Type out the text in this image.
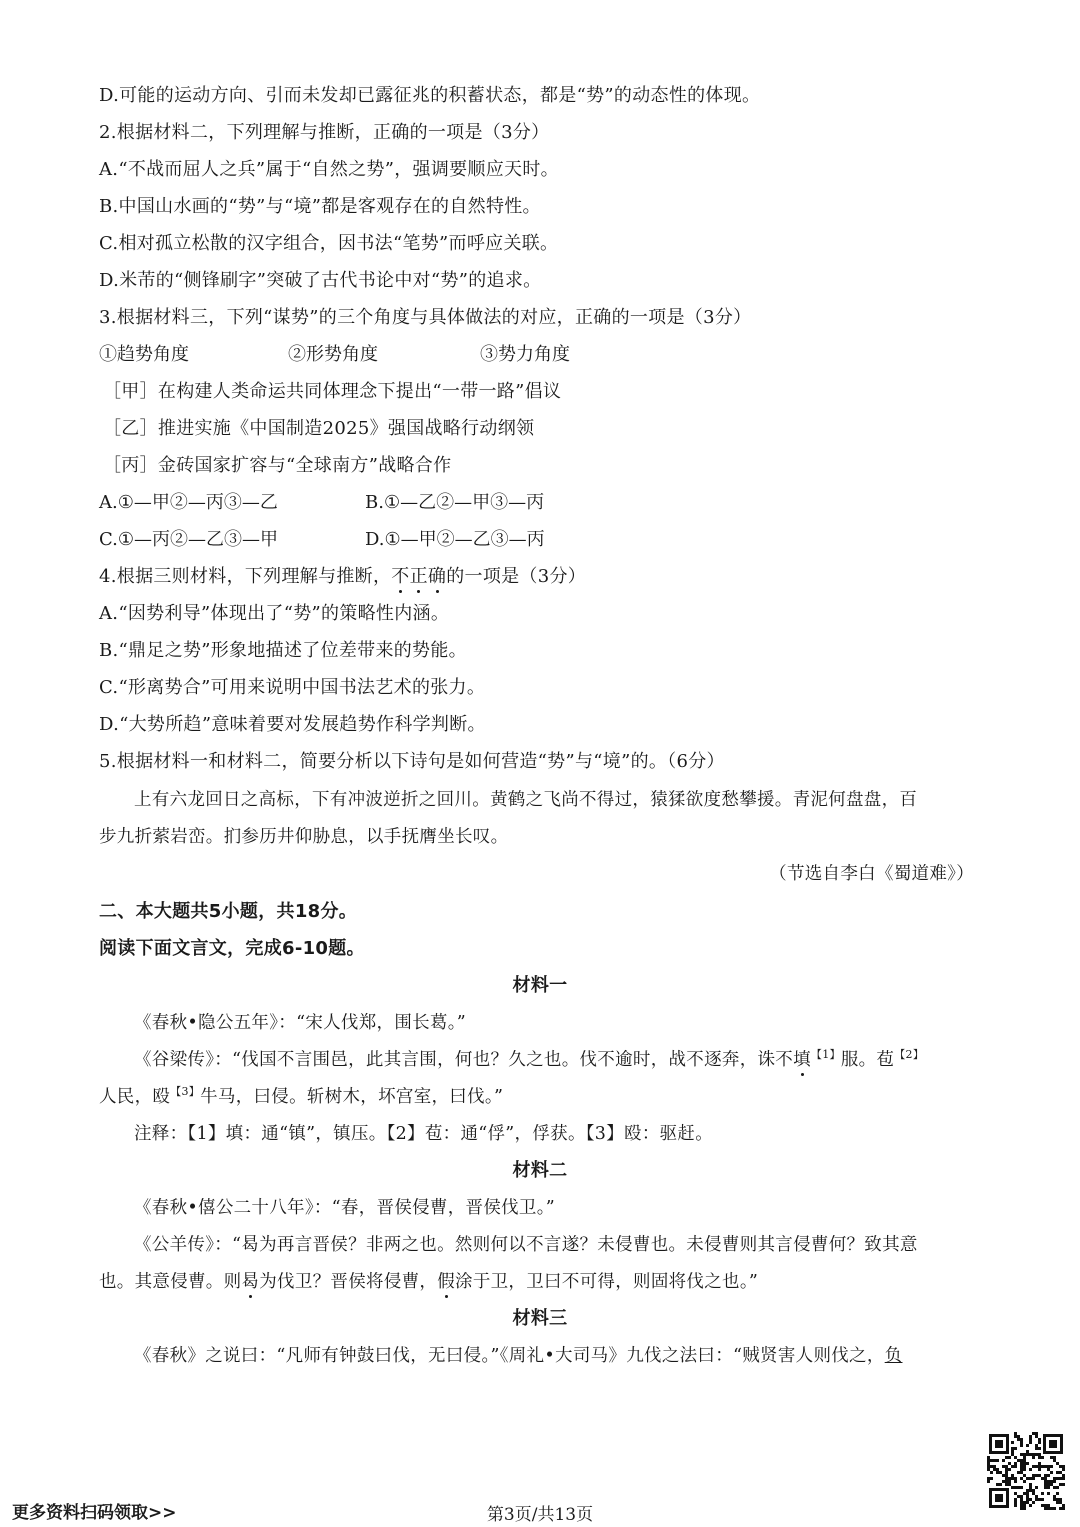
D.可能的运动方向、引而未发却已露征兆的积蓄状态，都是“势”的动态性的体现。
2.根据材料二，下列理解与推断，正确的一项是（3分）
A.“不战而屈人之兵”属于“自然之势”，强调要顺应天时。
B.中国山水画的“势”与“境”都是客观存在的自然特性。
C.相对孤立松散的汉字组合，因书法“笔势”而呼应关联。
D.米芾的“侧锋刷字”突破了古代书论中对“势”的追求。
3.根据材料三，下列“谋势”的三个角度与具体做法的对应，正确的一项是（3分）
①趋势角度	②形势角度	③势力角度
［甲］在构建人类命运共同体理念下提出“一带一路”倡议
［乙］推进实施《中国制造2025》强国战略行动纲领
［丙］金砖国家扩容与“全球南方”战略合作
A.①—甲②—丙③—乙	B.①—乙②—甲③—丙
C.①—丙②—乙③—甲	D.①—甲②—乙③—丙
4.根据三则材料，下列理解与推断，不正确的一项是（3分）
A.“因势利导”体现出了“势”的策略性内涵。
B.“鼎足之势”形象地描述了位差带来的势能。
C.“形离势合”可用来说明中国书法艺术的张力。
D.“大势所趋”意味着要对发展趋势作科学判断。
5.根据材料一和材料二，简要分析以下诗句是如何营造“势”与“境”的。（6分）
上有六龙回日之高标，下有冲波逆折之回川。黄鹤之飞尚不得过，猿猱欲度愁攀援。青泥何盘盘，百
步九折萦岩峦。扪参历井仰胁息，以手抚膺坐长叹。
（节选自李白《蜀道难》）
二、本大题共5小题，共18分。
阅读下面文言文，完成6-10题。
材料一
《春秋•隐公五年》：“宋人伐郑，围长葛。”
《谷梁传》：“伐国不言围邑，此其言围，何也？久之也。伐不逾时，战不逐奔，诛不填$^{【1】}$服。苞$^{【2】}$
人民，殴$^{【3】}$牛马，曰侵。斩树木，坏宫室，曰伐。”
注释：【1】填：通“镇”，镇压。【2】苞：通“俘”，俘获。【3】殴：驱赶。
材料二
《春秋•僖公二十八年》：“春，晋侯侵曹，晋侯伐卫。”
《公羊传》：“曷为再言晋侯？非两之也。然则何以不言遂？未侵曹也。未侵曹则其言侵曹何？致其意
也。其意侵曹。则曷为伐卫？晋侯将侵曹，假涂于卫，卫曰不可得，则固将伐之也。”
材料三
《春秋》之说曰：“凡师有钟鼓曰伐，无曰侵。”《周礼•大司马》九伐之法曰：“贼贤害人则伐之，负
更多资料扫码领取>>	第3页/共13页
